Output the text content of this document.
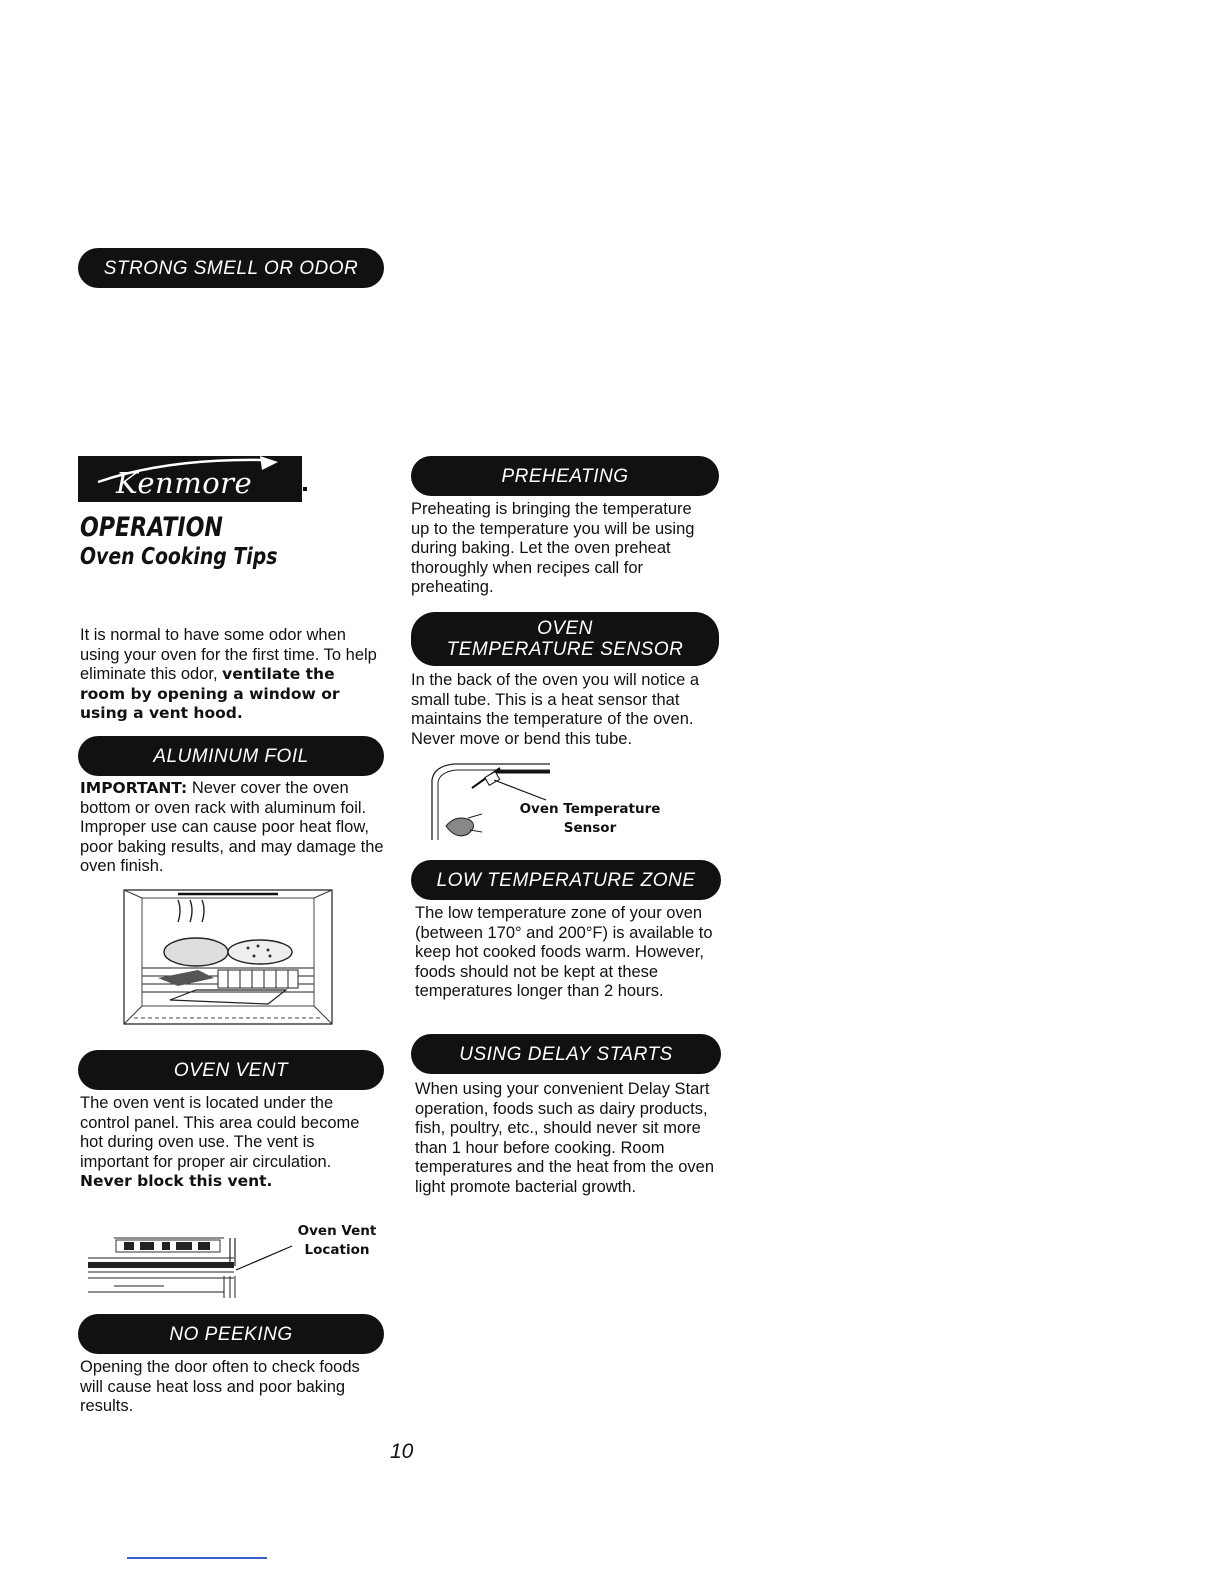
Kenmore
OPERATION
Oven Cooking Tips
STRONG SMELL OR ODOR
It is normal to have some odor when using your oven for the first time. To help eliminate this odor, ventilate the room by opening a window or using a vent hood.
ALUMINUM FOIL
IMPORTANT: Never cover the oven bottom or oven rack with aluminum foil. Improper use can cause poor heat flow, poor baking results, and may damage the oven finish.
OVEN VENT
The oven vent is located under the control panel. This area could become hot during oven use. The vent is important for proper air circulation. Never block this vent.
Oven Vent Location
NO PEEKING
Opening the door often to check foods will cause heat loss and poor baking results.
PREHEATING
Preheating is bringing the temperature up to the temperature you will be using during baking. Let the oven preheat thoroughly when recipes call for preheating.
OVEN
TEMPERATURE SENSOR
In the back of the oven you will notice a small tube. This is a heat sensor that maintains the temperature of the oven. Never move or bend this tube.
Oven Temperature Sensor
LOW TEMPERATURE ZONE
The low temperature zone of your oven (between 170° and 200°F) is available to keep hot cooked foods warm. However, foods should not be kept at these temperatures longer than 2 hours.
USING DELAY STARTS
When using your convenient Delay Start operation, foods such as dairy products, fish, poultry, etc., should never sit more than 1 hour before cooking. Room temperatures and the heat from the oven light promote bacterial growth.
10
